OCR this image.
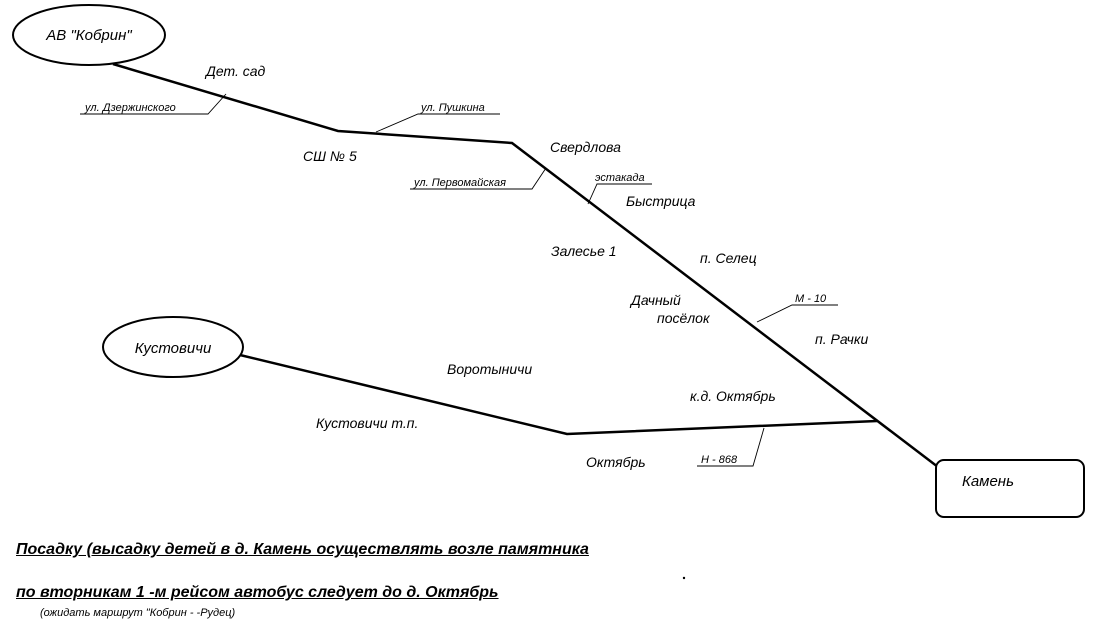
АВ "Кобрин"
Кустовичи
Камень
Дет. сад
СШ № 5
Свердлова
Быстрица
Залесье 1	п. Селец
Дачный
посёлок
п. Рачки
Воротыничи
к.д. Октябрь
Кустовичи т.п.
Октябрь
ул. Дзержинского	ул. Пушкина
ул. Первомайская	эстакада
М - 10
Н - 868
Посадку (высадку детей в д. Камень осуществлять возле памятника
по вторникам 1 -м рейсом автобус следует до д. Октябрь
(ожидать маршрут "Кобрин - -Рудец)
